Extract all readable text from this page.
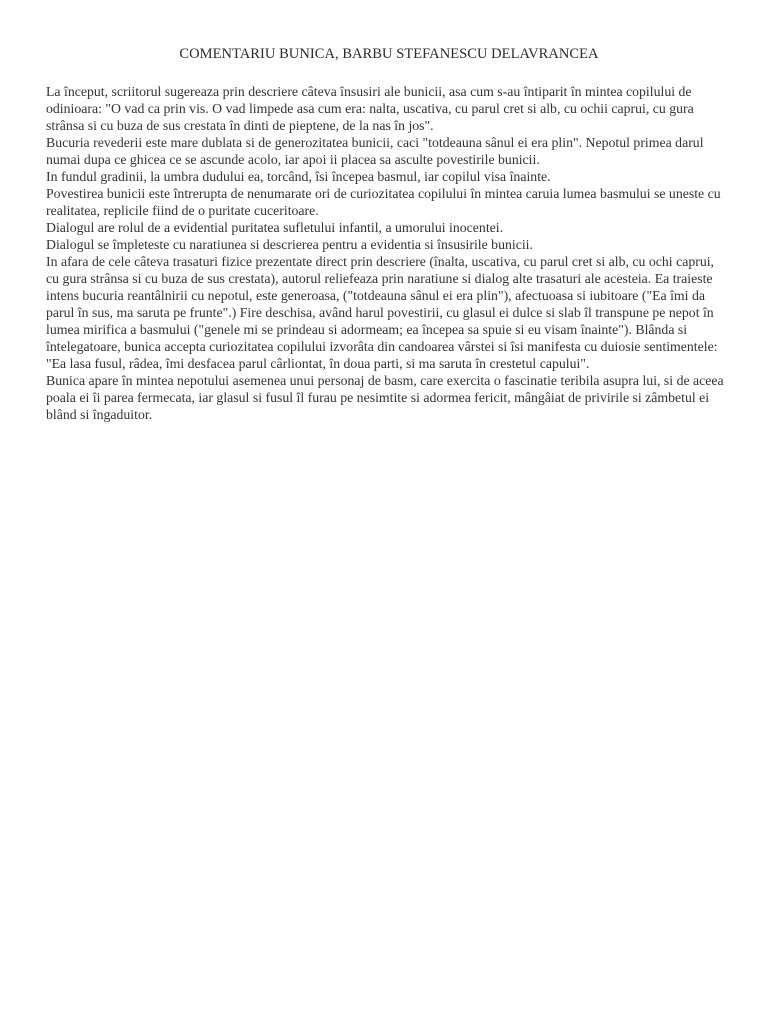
COMENTARIU BUNICA, BARBU STEFANESCU DELAVRANCEA

La început, scriitorul sugereaza prin descriere câteva însusiri ale bunicii, asa cum s-au întiparit în mintea copilului de odinioara: "O vad ca prin vis. O vad limpede asa cum era: nalta, uscativa, cu parul cret si alb, cu ochii caprui, cu gura strânsa si cu buza de sus crestata în dinti de pieptene, de la nas în jos".

Bucuria revederii este mare dublata si de generozitatea bunicii, caci "totdeauna sânul ei era plin". Nepotul primea darul numai dupa ce ghicea ce se ascunde acolo, iar apoi ii placea sa asculte povestirile bunicii.

In fundul gradinii, la umbra dudului ea, torcând, îsi începea basmul, iar copilul visa înainte.

Povestirea bunicii este întrerupta de nenumarate ori de curiozitatea copilului în mintea caruia lumea basmului se uneste cu realitatea, replicile fiind de o puritate cuceritoare.

Dialogul are rolul de a evidential puritatea sufletului infantil, a umorului inocentei.

Dialogul se împleteste cu naratiunea si descrierea pentru a evidentia si însusirile bunicii.

In afara de cele câteva trasaturi fizice prezentate direct prin descriere (înalta, uscativa, cu parul cret si alb, cu ochi caprui, cu gura strânsa si cu buza de sus crestata), autorul reliefeaza prin naratiune si dialog alte trasaturi ale acesteia. Ea traieste intens bucuria reantâlnirii cu nepotul, este generoasa, ("totdeauna sânul ei era plin"), afectuoasa si iubitoare ("Ea îmi da parul în sus, ma saruta pe frunte".) Fire deschisa, având harul povestirii, cu glasul ei dulce si slab îl transpune pe nepot în lumea mirifica a basmului ("genele mi se prindeau si adormeam; ea începea sa spuie si eu visam înainte"). Blânda si întelegatoare, bunica accepta curiozitatea copilului izvorâta din candoarea vârstei si îsi manifesta cu duiosie sentimentele: "Ea lasa fusul, râdea, îmi desfacea parul cârliontat, în doua parti, si ma saruta în crestetul capului".

Bunica apare în mintea nepotului asemenea unui personaj de basm, care exercita o fascinatie teribila asupra lui, si de aceea poala ei îi parea fermecata, iar glasul si fusul îl furau pe nesimtite si adormea fericit, mângâiat de privirile si zâmbetul ei blând si îngaduitor.
